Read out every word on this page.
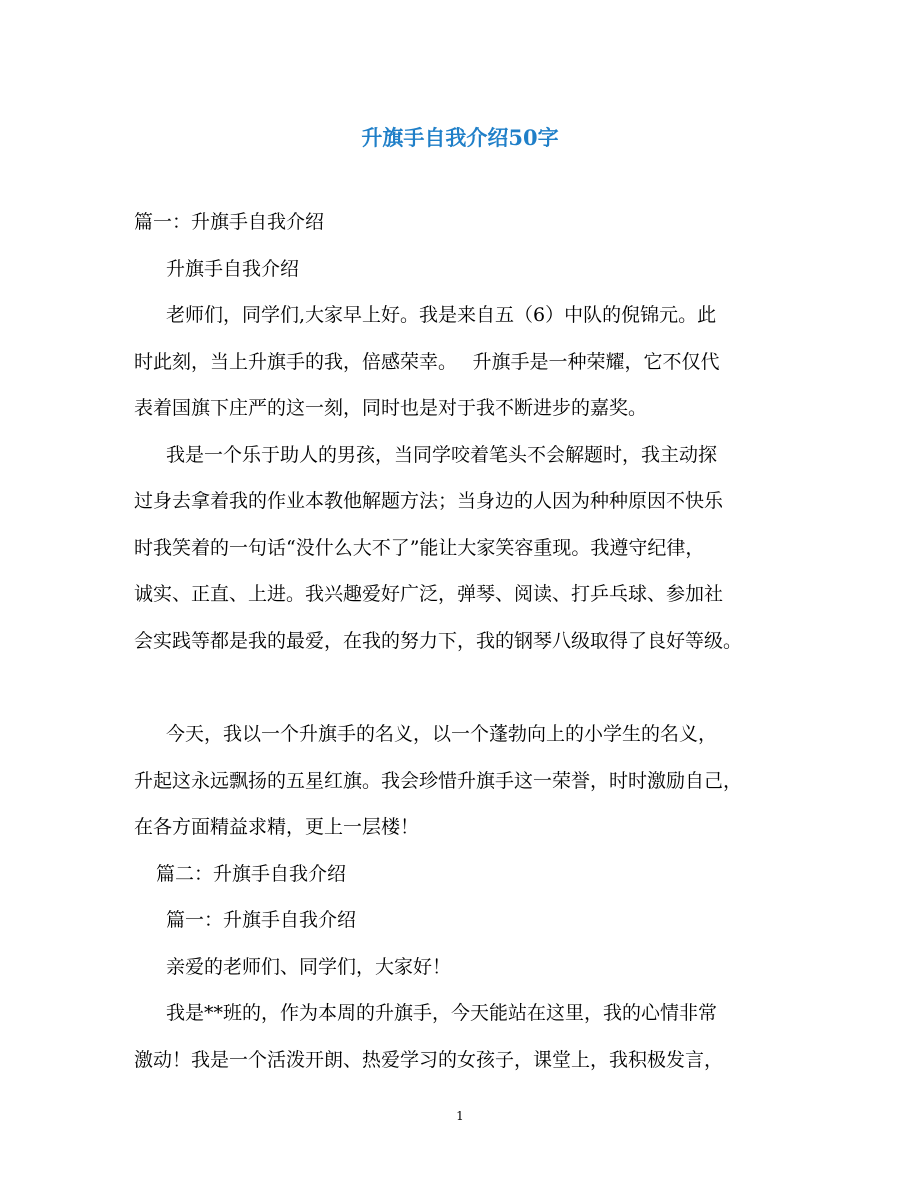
升旗手自我介绍50字
篇一：升旗手自我介绍
升旗手自我介绍
老师们，同学们,大家早上好。我是来自五（6）中队的倪锦元。此
时此刻，当上升旗手的我，倍感荣幸。　 升旗手是一种荣耀，它不仅代
表着国旗下庄严的这一刻，同时也是对于我不断进步的嘉奖。
我是一个乐于助人的男孩，当同学咬着笔头不会解题时，我主动探
过身去拿着我的作业本教他解题方法；当身边的人因为种种原因不快乐
时我笑着的一句话“没什么大不了”能让大家笑容重现。我遵守纪律，
诚实、正直、上进。我兴趣爱好广泛，弹琴、阅读、打乒乓球、参加社
会实践等都是我的最爱，在我的努力下，我的钢琴八级取得了良好等级。
今天，我以一个升旗手的名义，以一个蓬勃向上的小学生的名义，
升起这永远飘扬的五星红旗。我会珍惜升旗手这一荣誉，时时激励自己，
在各方面精益求精，更上一层楼！
篇二：升旗手自我介绍
篇一：升旗手自我介绍
亲爱的老师们、同学们，大家好！
我是**班的，作为本周的升旗手，今天能站在这里，我的心情非常
激动！我是一个活泼开朗、热爱学习的女孩子，课堂上，我积极发言，
1
